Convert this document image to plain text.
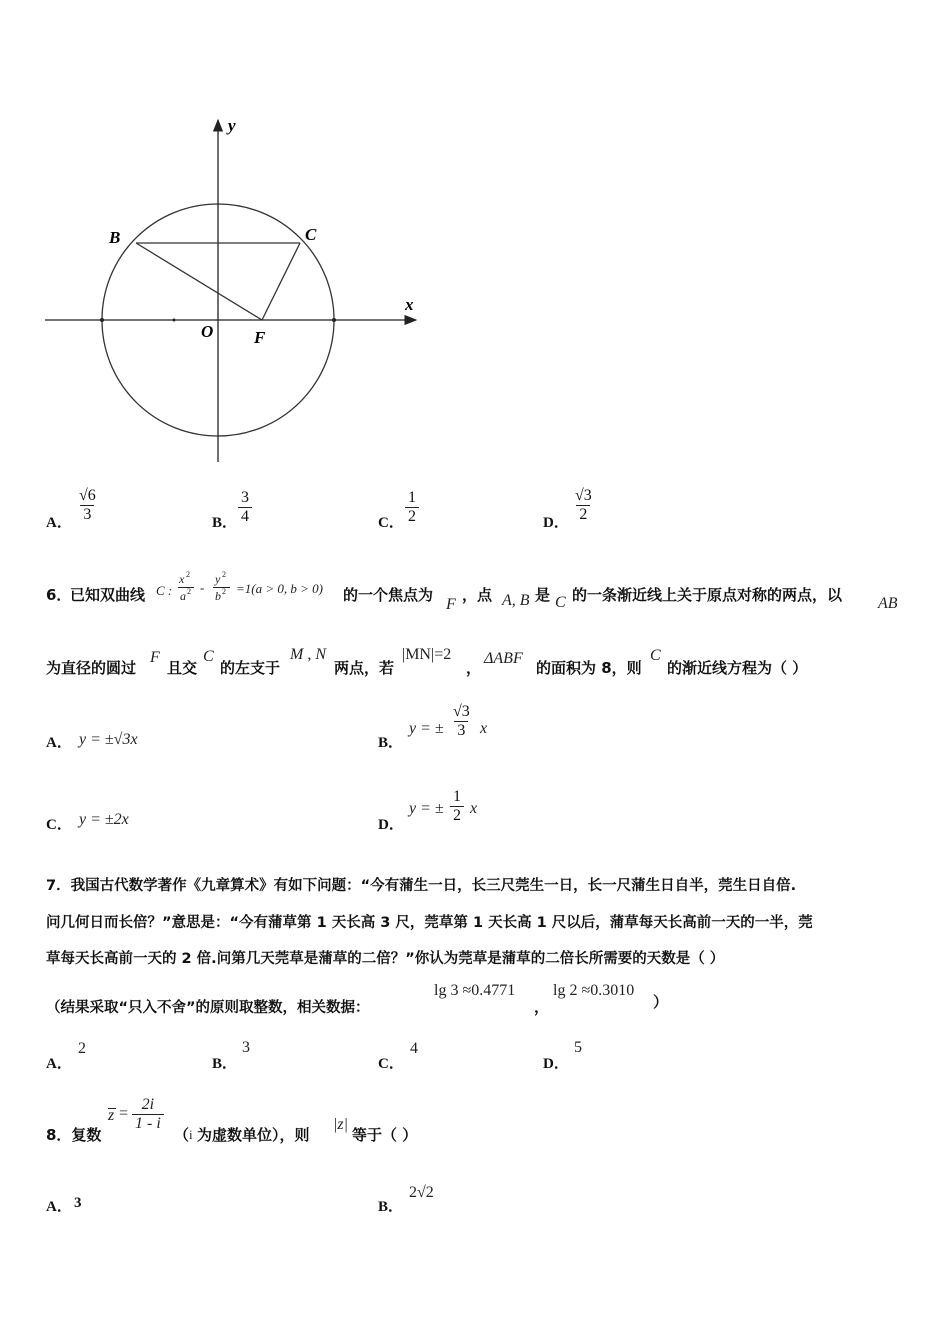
y
x
O
B	C
F
A． $\frac{√6}{3}$	B． $\frac{3}{4}$	C． $\frac{1}{2}$	D． $\frac{√3}{2}$
6．
已知双曲线 C :
x 2
a 2 -
y 2
b 2 =1(a > 0, b > 0) 的一个焦点为
F
，点 A, B 是 C 的一条渐近线上关于原点对称的两点，以 AB
为直径的圆过
F
且交
C
的左支于
M , N
两点，若
|MN|=2
，
ΔABF
的面积为 8，则
C
的渐近线方程为（ ）
A． y = ±√3x	B．
y = ± $\frac{√3}{3}$ x
C． y = ±2x	D．
y = ± $\frac{1}{2}$ x
7．我国古代数学著作《九章算术》有如下问题：“今有蒲生一日，长三尺莞生一日，长一尺蒲生日自半，莞生日自倍.
问几何日而长倍？”意思是：“今有蒲草第 1 天长高 3 尺，莞草第 1 天长高 1 尺以后，蒲草每天长高前一天的一半，莞
草每天长高前一天的 2 倍.问第几天莞草是蒲草的二倍？”你认为莞草是蒲草的二倍长所需要的天数是（ ）
（结果采取“只入不舍”的原则取整数，相关数据：
lg 3 ≈0.4771
，
lg 2 ≈0.3010
）
A．
2
B．
3
C．
4
D．
5
8．复数
$z = \frac{2i}{1 - i}$
（ i 为虚数单位），则
|z|
等于（ ）
A． 3	B．
2√2
